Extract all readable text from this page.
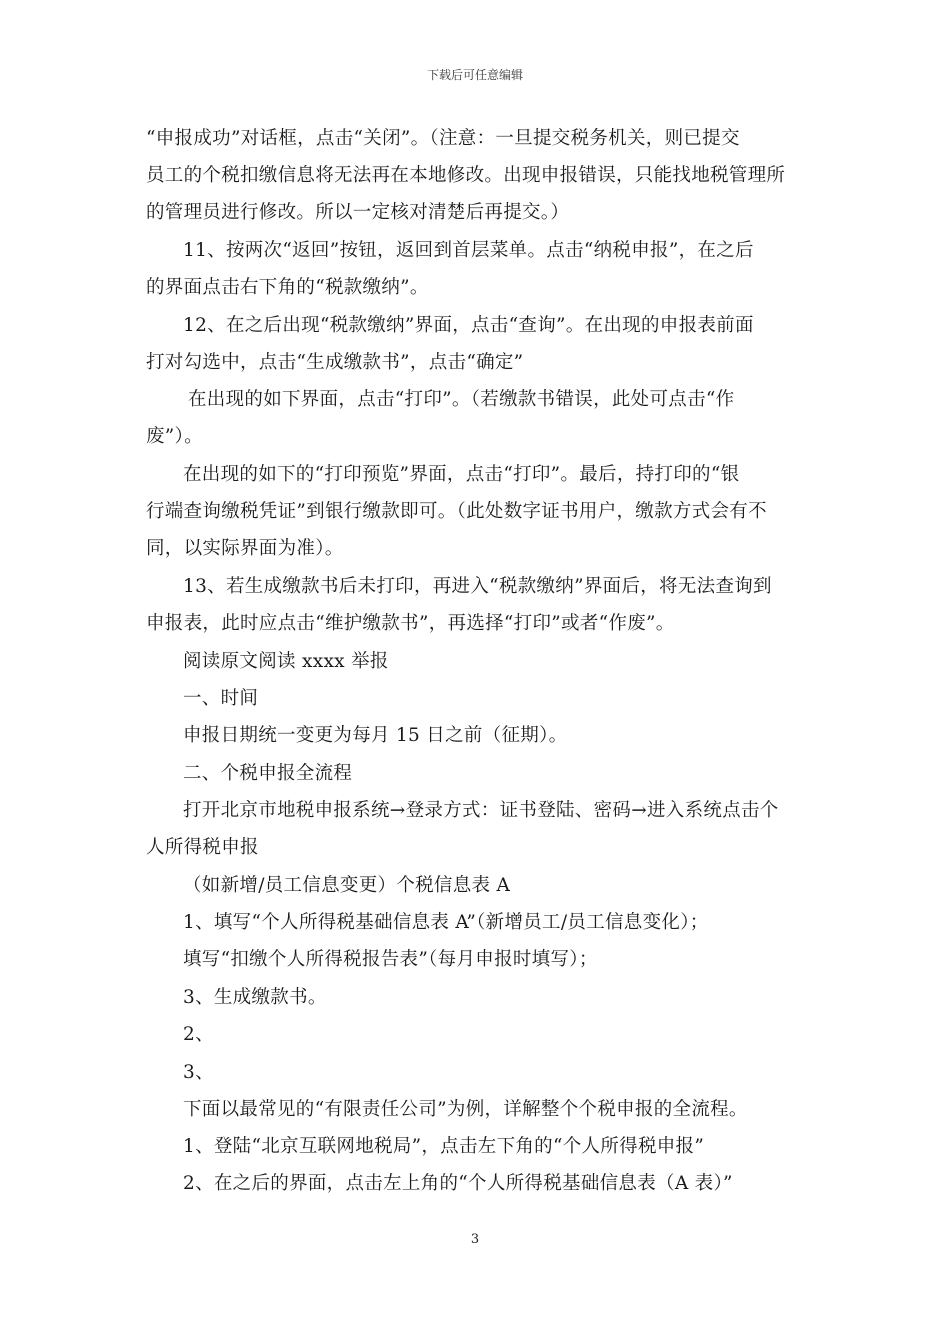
下载后可任意编辑
“申报成功”对话框，点击“关闭”。（注意：一旦提交税务机关，则已提交
员工的个税扣缴信息将无法再在本地修改。出现申报错误，只能找地税管理所
的管理员进行修改。所以一定核对清楚后再提交。）
11、按两次“返回”按钮，返回到首层菜单。点击“纳税申报”，在之后
的界面点击右下角的“税款缴纳”。
12、在之后出现“税款缴纳”界面，点击“查询”。在出现的申报表前面
打对勾选中，点击“生成缴款书”，点击“确定”
在出现的如下界面，点击“打印”。（若缴款书错误，此处可点击“作
废”）。
在出现的如下的“打印预览”界面，点击“打印”。最后，持打印的“银
行端查询缴税凭证”到银行缴款即可。（此处数字证书用户，缴款方式会有不
同，以实际界面为准）。
13、若生成缴款书后未打印，再进入“税款缴纳”界面后，将无法查询到
申报表，此时应点击“维护缴款书”，再选择“打印”或者“作废”。
阅读原文阅读 xxxx 举报
一、时间
申报日期统一变更为每月 15 日之前（征期）。
二、个税申报全流程
打开北京市地税申报系统→登录方式：证书登陆、密码→进入系统点击个
人所得税申报
（如新增/员工信息变更）个税信息表 A
1、填写“个人所得税基础信息表 A”（新增员工/员工信息变化）；
填写“扣缴个人所得税报告表”（每月申报时填写）；
3、生成缴款书。
2、
3、
下面以最常见的“有限责任公司”为例，详解整个个税申报的全流程。
1、登陆“北京互联网地税局”，点击左下角的“个人所得税申报”
2、在之后的界面，点击左上角的“个人所得税基础信息表（A 表）”
3
